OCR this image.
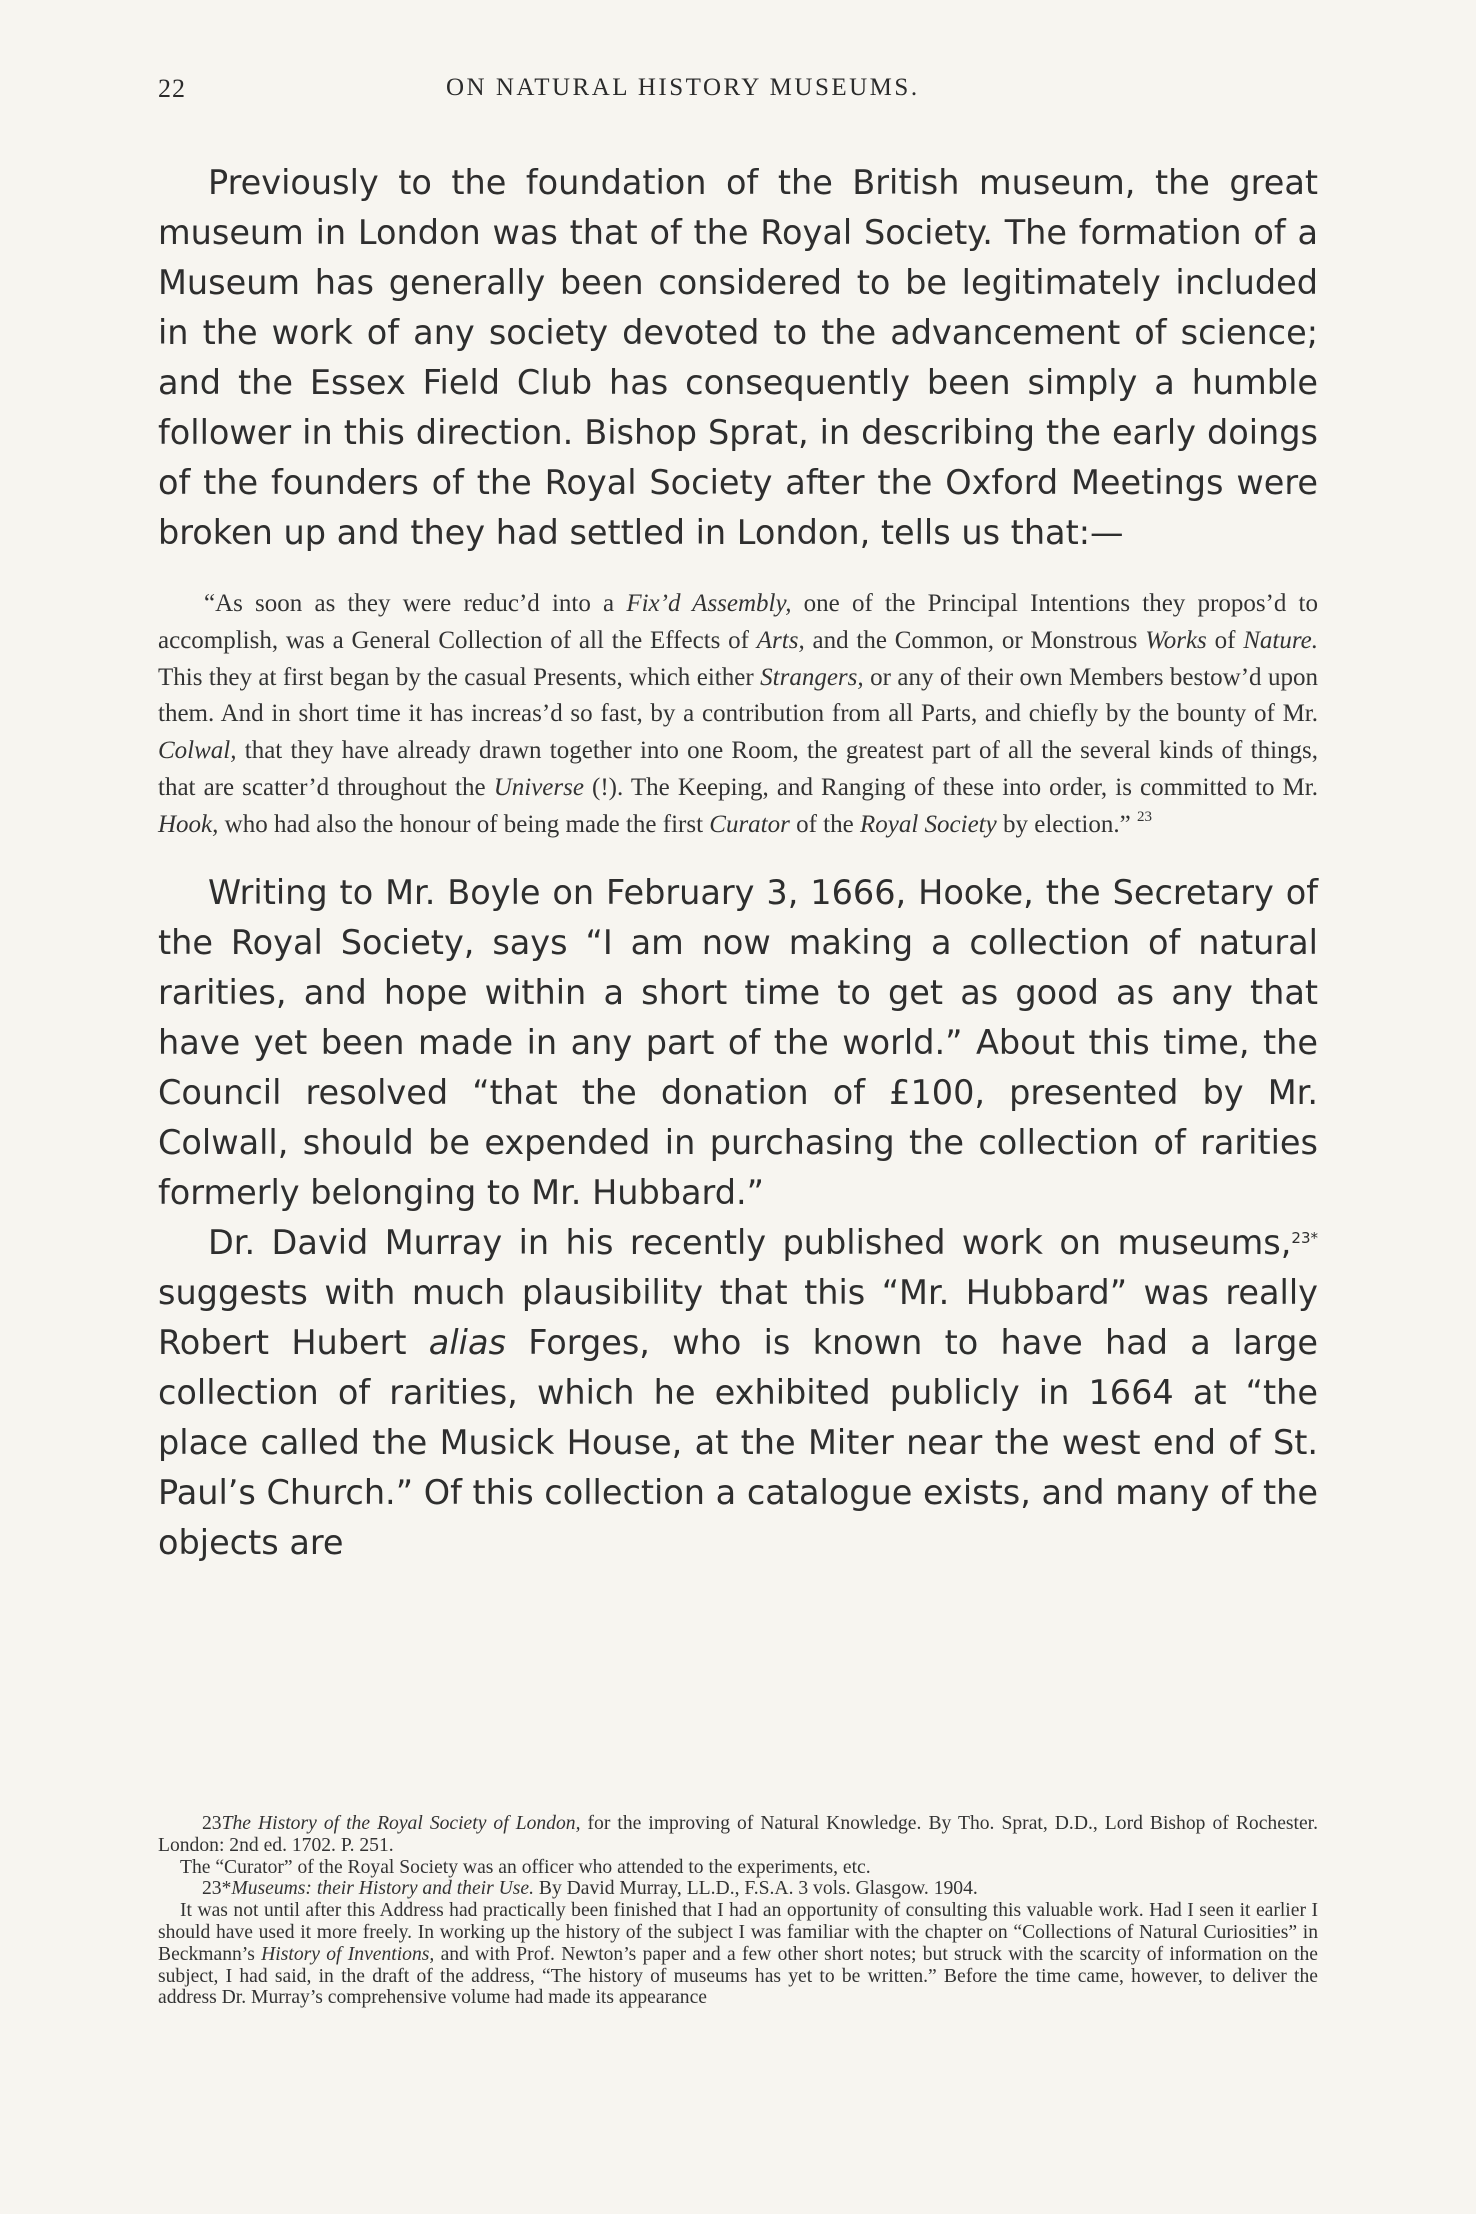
22	ON NATURAL HISTORY MUSEUMS.

Previously to the foundation of the British museum, the great museum in London was that of the Royal Society. The formation of a Museum has generally been considered to be legitimately included in the work of any society devoted to the advancement of science; and the Essex Field Club has consequently been simply a humble follower in this direction. Bishop Sprat, in describing the early doings of the founders of the Royal Society after the Oxford Meetings were broken up and they had settled in London, tells us that:—

“As soon as they were reduc’d into a Fix’d Assembly, one of the Principal Intentions they propos’d to accomplish, was a General Collection of all the Effects of Arts, and the Common, or Monstrous Works of Nature. This they at first began by the casual Presents, which either Strangers, or any of their own Members bestow’d upon them. And in short time it has increas’d so fast, by a contribution from all Parts, and chiefly by the bounty of Mr. Colwal, that they have already drawn together into one Room, the greatest part of all the several kinds of things, that are scatter’d throughout the Universe (!). The Keeping, and Ranging of these into order, is committed to Mr. Hook, who had also the honour of being made the first Curator of the Royal Society by election.” $^{23}$

Writing to Mr. Boyle on February 3, 1666, Hooke, the Secretary of the Royal Society, says “I am now making a collection of natural rarities, and hope within a short time to get as good as any that have yet been made in any part of the world.” About this time, the Council resolved “that the donation of £100, presented by Mr. Colwall, should be expended in purchasing the collection of rarities formerly belonging to Mr. Hubbard.”

Dr. David Murray in his recently published work on museums,$^{23*}$ suggests with much plausibility that this “Mr. Hubbard” was really Robert Hubert alias Forges, who is known to have had a large collection of rarities, which he exhibited publicly in 1664 at “the place called the Musick House, at the Miter near the west end of St. Paul’s Church.” Of this collection a catalogue exists, and many of the objects are

23The History of the Royal Society of London, for the improving of Natural Knowledge. By Tho. Sprat, D.D., Lord Bishop of Rochester. London: 2nd ed. 1702. P. 251.

The “Curator” of the Royal Society was an officer who attended to the experiments, etc.

23*Museums: their History and their Use. By David Murray, LL.D., F.S.A. 3 vols. Glasgow. 1904.

It was not until after this Address had practically been finished that I had an opportunity of consulting this valuable work. Had I seen it earlier I should have used it more freely. In working up the history of the subject I was familiar with the chapter on “Collections of Natural Curiosities” in Beckmann’s History of Inventions, and with Prof. Newton’s paper and a few other short notes; but struck with the scarcity of information on the subject, I had said, in the draft of the address, “The history of museums has yet to be written.” Before the time came, however, to deliver the address Dr. Murray’s comprehensive volume had made its appearance
